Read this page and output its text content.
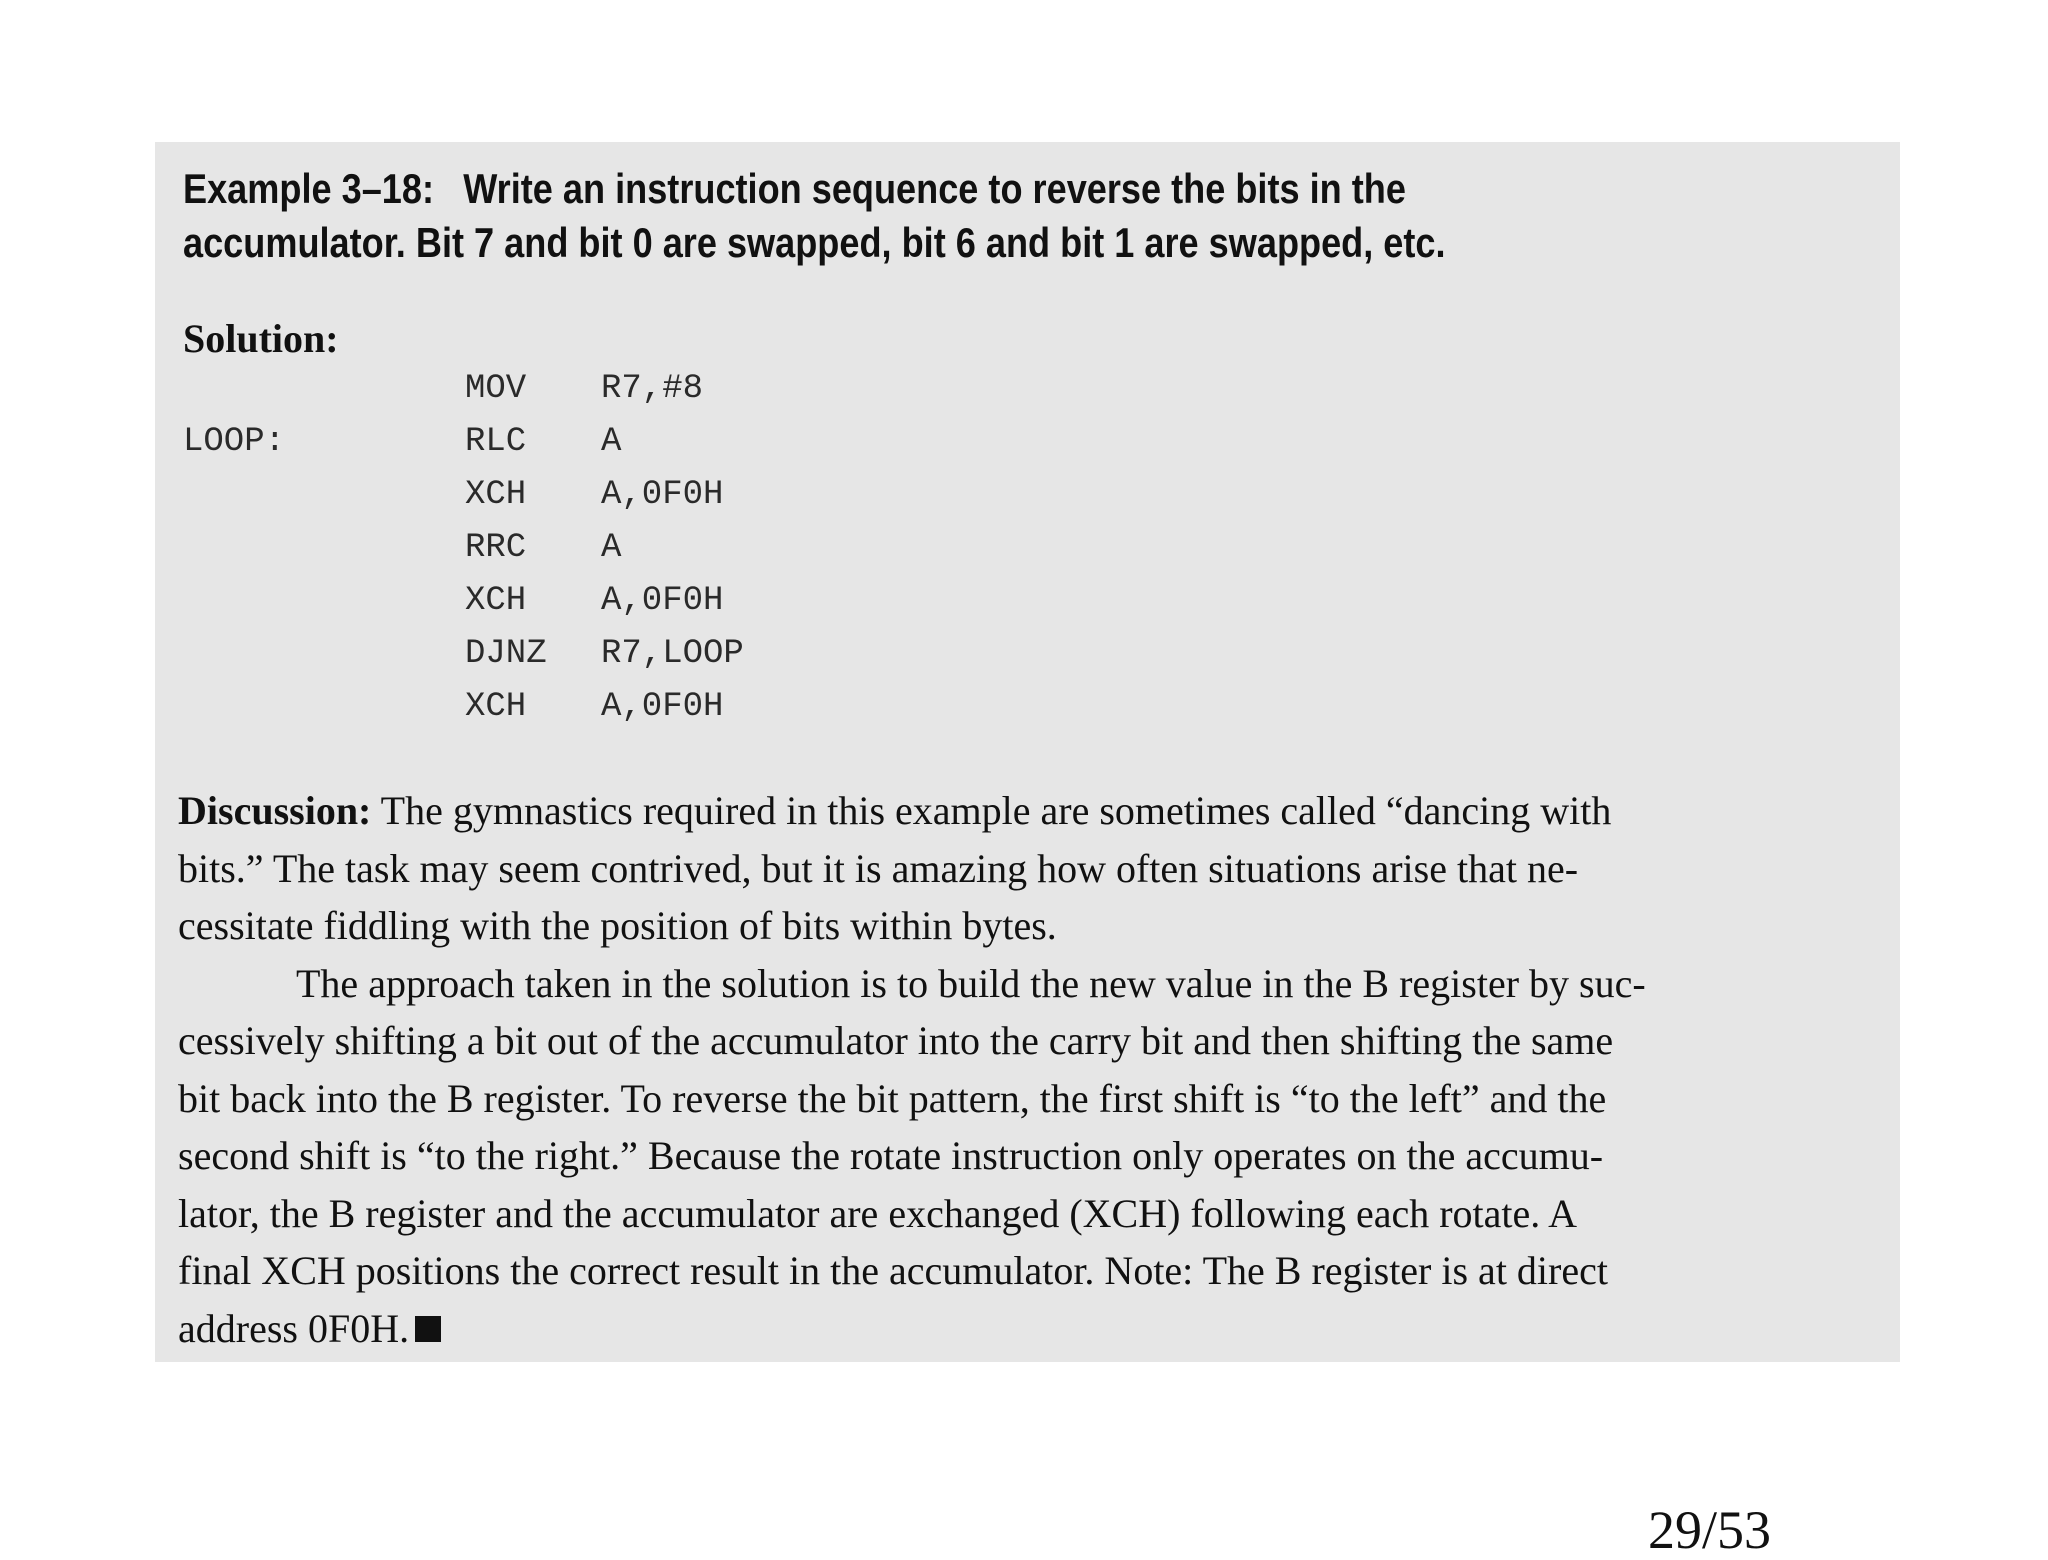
Example 3–18: Write an instruction sequence to reverse the bits in the
accumulator. Bit 7 and bit 0 are swapped, bit 6 and bit 1 are swapped, etc.
Solution:
MOV R7,#8
LOOP:	RLC A
XCH A,0F0H
RRC A
XCH A,0F0H
DJNZ R7,LOOP
XCH A,0F0H
Discussion: The gymnastics required in this example are sometimes called “dancing with
bits.” The task may seem contrived, but it is amazing how often situations arise that ne-
cessitate fiddling with the position of bits within bytes.
The approach taken in the solution is to build the new value in the B register by suc-
cessively shifting a bit out of the accumulator into the carry bit and then shifting the same
bit back into the B register. To reverse the bit pattern, the first shift is “to the left” and the
second shift is “to the right.” Because the rotate instruction only operates on the accumu-
lator, the B register and the accumulator are exchanged (XCH) following each rotate. A
final XCH positions the correct result in the accumulator. Note: The B register is at direct
address 0F0H.
29/53
